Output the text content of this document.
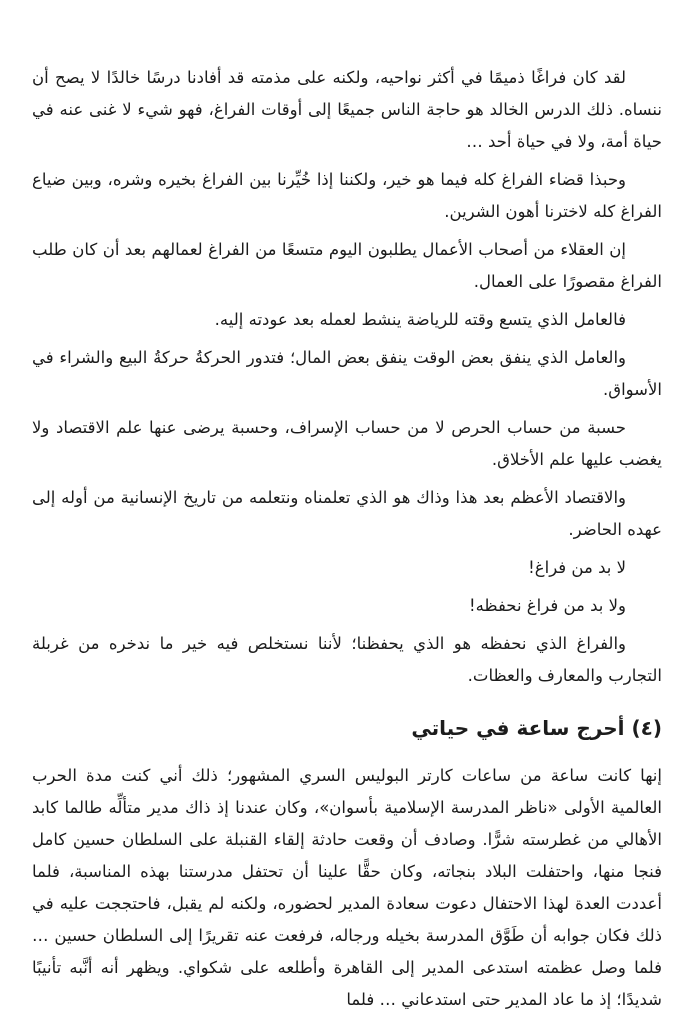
لقد كان فراغًا ذميمًا في أكثر نواحيه، ولكنه على مذمته قد أفادنا درسًا خالدًا لا يصح أن ننساه. ذلك الدرس الخالد هو حاجة الناس جميعًا إلى أوقات الفراغ، فهو شيء لا غنى عنه في حياة أمة، ولا في حياة أحد …

وحبذا قضاء الفراغ كله فيما هو خير، ولكننا إذا خُيِّرنا بين الفراغ بخيره وشره، وبين ضياع الفراغ كله لاخترنا أهون الشرين.

إن العقلاء من أصحاب الأعمال يطلبون اليوم متسعًا من الفراغ لعمالهم بعد أن كان طلب الفراغ مقصورًا على العمال.

فالعامل الذي يتسع وقته للرياضة ينشط لعمله بعد عودته إليه.

والعامل الذي ينفق بعض الوقت ينفق بعض المال؛ فتدور الحركةُ حركةُ البيع والشراء في الأسواق.

حسبة من حساب الحرص لا من حساب الإسراف، وحسبة يرضى عنها علم الاقتصاد ولا يغضب عليها علم الأخلاق.

والاقتصاد الأعظم بعد هذا وذاك هو الذي تعلمناه ونتعلمه من تاريخ الإنسانية من أوله إلى عهده الحاضر.

لا بد من فراغ!

ولا بد من فراغ نحفظه!

والفراغ الذي نحفظه هو الذي يحفظنا؛ لأننا نستخلص فيه خير ما ندخره من غربلة التجارب والمعارف والعظات.

(٤) أحرج ساعة في حياتي

إنها كانت ساعة من ساعات كارتر البوليس السري المشهور؛ ذلك أني كنت مدة الحرب العالمية الأولى «ناظر المدرسة الإسلامية بأسوان»، وكان عندنا إذ ذاك مدير متألِّه طالما كابد الأهالي من غطرسته شرًّا. وصادف أن وقعت حادثة إلقاء القنبلة على السلطان حسين كامل فنجا منها، واحتفلت البلاد بنجاته، وكان حقًّا علينا أن تحتفل مدرستنا بهذه المناسبة، فلما أعددت العدة لهذا الاحتفال دعوت سعادة المدير لحضوره، ولكنه لم يقبل، فاحتججت عليه في ذلك فكان جوابه أن طَوَّق المدرسة بخيله ورجاله، فرفعت عنه تقريرًا إلى السلطان حسين … فلما وصل عظمته استدعى المدير إلى القاهرة وأطلعه على شكواي. ويظهر أنه أنَّبه تأنيبًا شديدًا؛ إذ ما عاد المدير حتى استدعاني … فلما
